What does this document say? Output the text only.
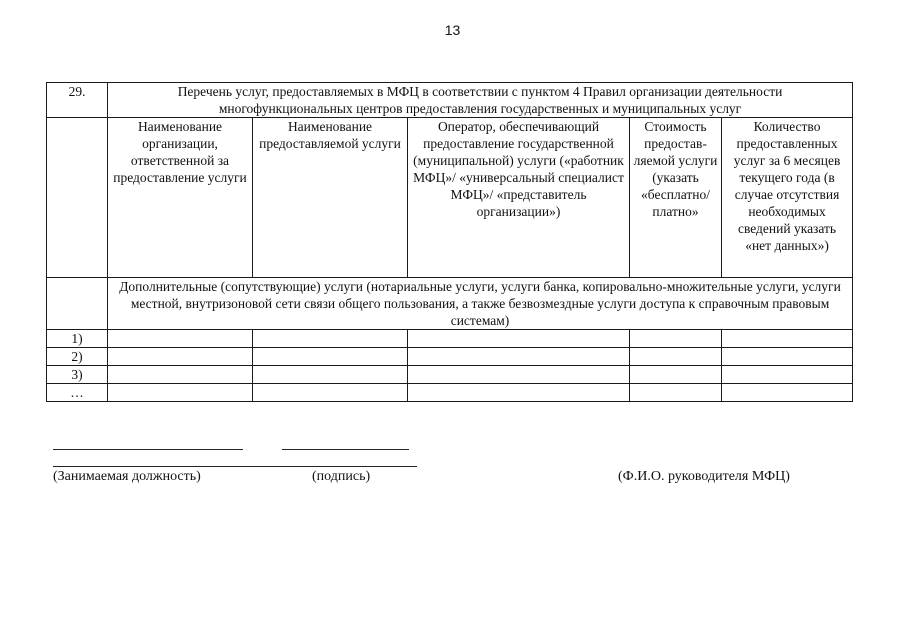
13
29.	Перечень услуг, предоставляемых в МФЦ в соответствии с пунктом 4 Правил организации деятельности многофункциональных центров предоставления государственных и муниципальных услуг				
	Наименование организации, ответственной за предоставление услуги	Наименование предоставляемой услуги	Оператор, обеспечивающий предоставление государственной (муниципальной) услуги («работник МФЦ»/ «универсальный специалист МФЦ»/ «представитель организации»)	Стоимость предостав-ляемой услуги (указать «бесплатно/ платно»	Количество предоставленных услуг за 6 месяцев текущего года (в случае отсутствия необходимых сведений указать «нет данных»)
	Дополнительные (сопутствующие) услуги (нотариальные услуги, услуги банка, копировально-множительные услуги, услуги местной, внутризоновой сети связи общего пользования, а также безвозмездные услуги доступа к справочным правовым системам)				
1)					
2)					
3)					
…					
(Занимаемая должность)	(подпись)	(Ф.И.О. руководителя МФЦ)
